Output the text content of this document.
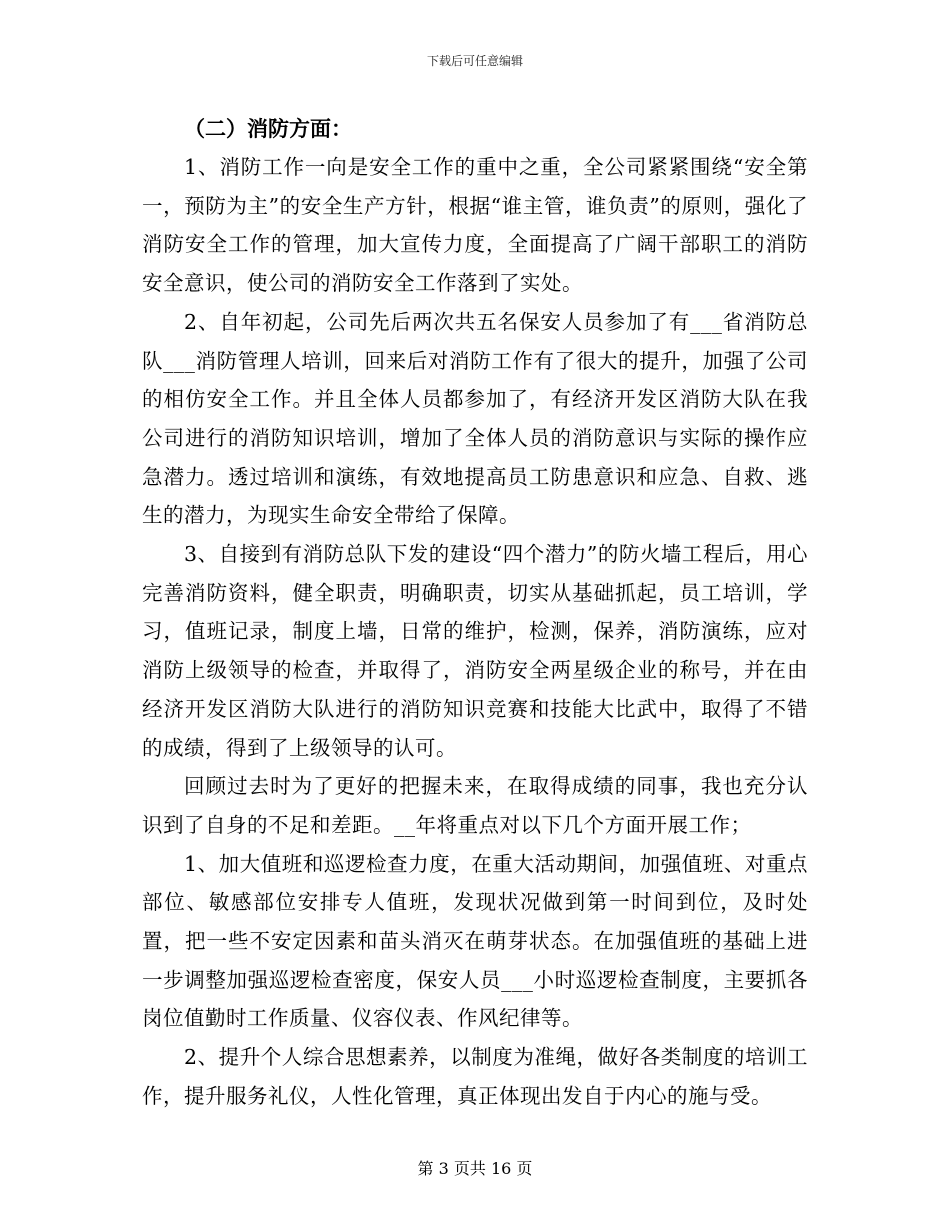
下载后可任意编辑

（二）消防方面：

1、消防工作一向是安全工作的重中之重，全公司紧紧围绕“安全第一，预防为主”的安全生产方针，根据“谁主管，谁负责”的原则，强化了消防安全工作的管理，加大宣传力度，全面提高了广阔干部职工的消防安全意识，使公司的消防安全工作落到了实处。

2、自年初起，公司先后两次共五名保安人员参加了有___省消防总队___消防管理人培训，回来后对消防工作有了很大的提升，加强了公司的相仿安全工作。并且全体人员都参加了，有经济开发区消防大队在我公司进行的消防知识培训，增加了全体人员的消防意识与实际的操作应急潜力。透过培训和演练，有效地提高员工防患意识和应急、自救、逃生的潜力，为现实生命安全带给了保障。

3、自接到有消防总队下发的建设“四个潜力”的防火墙工程后，用心完善消防资料，健全职责，明确职责，切实从基础抓起，员工培训，学习，值班记录，制度上墙，日常的维护，检测，保养，消防演练，应对消防上级领导的检查，并取得了，消防安全两星级企业的称号，并在由经济开发区消防大队进行的消防知识竞赛和技能大比武中，取得了不错的成绩，得到了上级领导的认可。

回顾过去时为了更好的把握未来，在取得成绩的同事，我也充分认识到了自身的不足和差距。__年将重点对以下几个方面开展工作；

1、加大值班和巡逻检查力度，在重大活动期间，加强值班、对重点部位、敏感部位安排专人值班，发现状况做到第一时间到位，及时处置，把一些不安定因素和苗头消灭在萌芽状态。在加强值班的基础上进一步调整加强巡逻检查密度，保安人员___小时巡逻检查制度，主要抓各岗位值勤时工作质量、仪容仪表、作风纪律等。

2、提升个人综合思想素养，以制度为准绳，做好各类制度的培训工作，提升服务礼仪，人性化管理，真正体现出发自于内心的施与受。

第 3 页共 16 页
